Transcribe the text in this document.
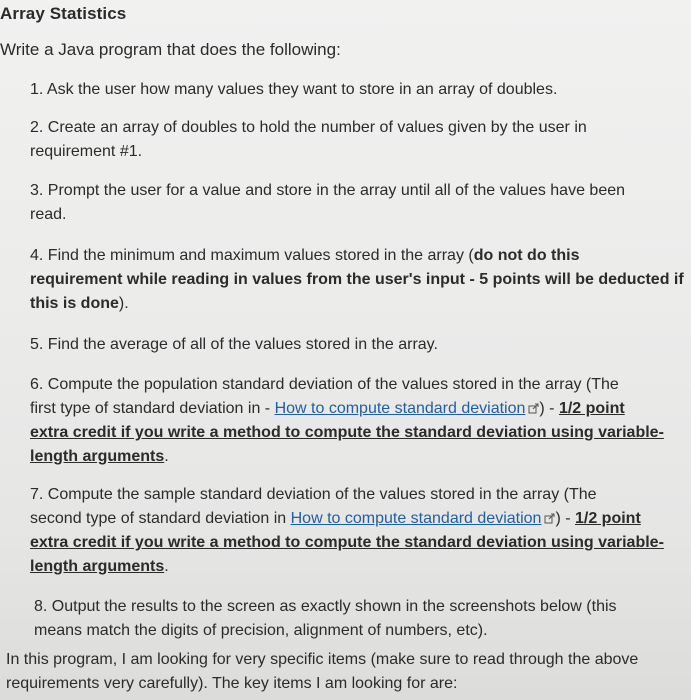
Array Statistics
Write a Java program that does the following:
1. Ask the user how many values they want to store in an array of doubles.
2. Create an array of doubles to hold the number of values given by the user in
requirement #1.
3. Prompt the user for a value and store in the array until all of the values have been
read.
4. Find the minimum and maximum values stored in the array (do not do this
requirement while reading in values from the user's input - 5 points will be deducted if
this is done).
5. Find the average of all of the values stored in the array.
6. Compute the population standard deviation of the values stored in the array (The
first type of standard deviation in - How to compute standard deviation ) - 1/2 point
extra credit if you write a method to compute the standard deviation using variable-
length arguments.
7. Compute the sample standard deviation of the values stored in the array (The
second type of standard deviation in How to compute standard deviation ) - 1/2 point
extra credit if you write a method to compute the standard deviation using variable-
length arguments.
8. Output the results to the screen as exactly shown in the screenshots below (this
means match the digits of precision, alignment of numbers, etc).
In this program, I am looking for very specific items (make sure to read through the above
requirements very carefully). The key items I am looking for are:
